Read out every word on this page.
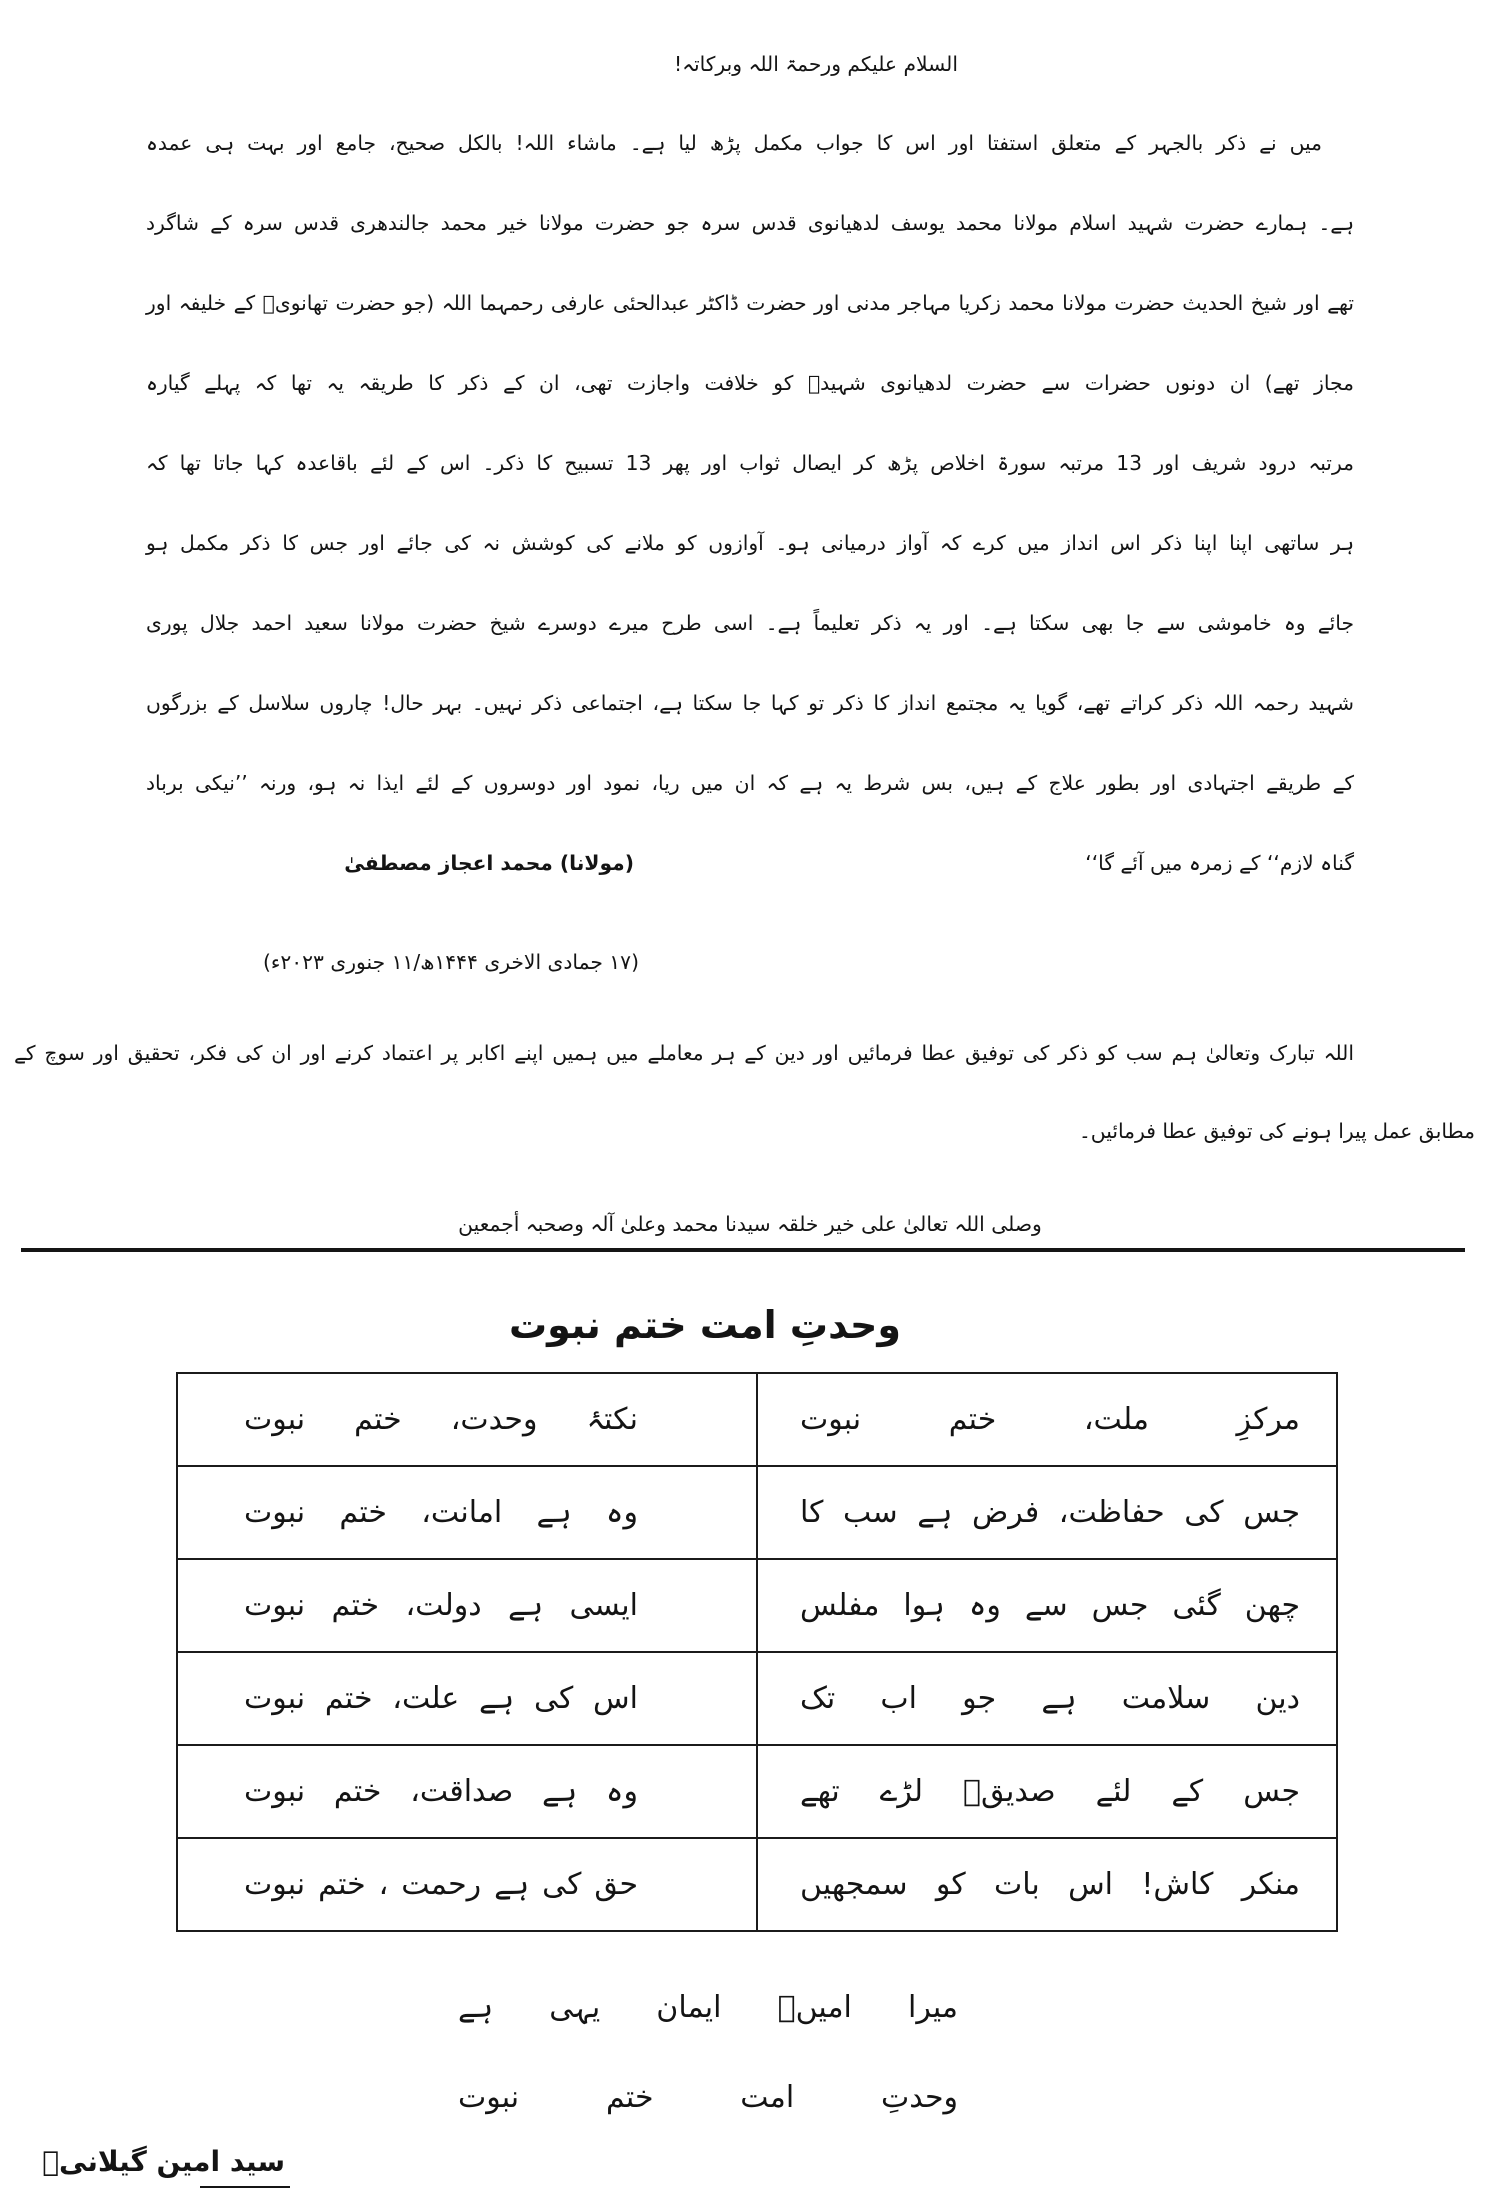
السلام علیکم ورحمۃ اللہ وبرکاتہ!
میں نے ذکر بالجہر کے متعلق استفتا اور اس کا جواب مکمل پڑھ لیا ہے۔ ماشاء اللہ! بالکل صحیح، جامع اور بہت ہی عمدہ
ہے۔ ہمارے حضرت شہید اسلام مولانا محمد یوسف لدھیانوی قدس سرہ جو حضرت مولانا خیر محمد جالندھری قدس سرہ کے شاگرد
تھے اور شیخ الحدیث حضرت مولانا محمد زکریا مہاجر مدنی اور حضرت ڈاکٹر عبدالحئی عارفی رحمہما اللہ (جو حضرت تھانویؒ کے خلیفہ اور
مجاز تھے) ان دونوں حضرات سے حضرت لدھیانوی شہیدؒ کو خلافت واجازت تھی، ان کے ذکر کا طریقہ یہ تھا کہ پہلے گیارہ
مرتبہ درود شریف اور 13 مرتبہ سورۃ اخلاص پڑھ کر ایصال ثواب اور پھر 13 تسبیح کا ذکر۔ اس کے لئے باقاعدہ کہا جاتا تھا کہ
ہر ساتھی اپنا اپنا ذکر اس انداز میں کرے کہ آواز درمیانی ہو۔ آوازوں کو ملانے کی کوشش نہ کی جائے اور جس کا ذکر مکمل ہو
جائے وہ خاموشی سے جا بھی سکتا ہے۔ اور یہ ذکر تعلیماً ہے۔ اسی طرح میرے دوسرے شیخ حضرت مولانا سعید احمد جلال پوری
شہید رحمہ اللہ ذکر کراتے تھے، گویا یہ مجتمع انداز کا ذکر تو کہا جا سکتا ہے، اجتماعی ذکر نہیں۔ بہر حال! چاروں سلاسل کے بزرگوں
کے طریقے اجتہادی اور بطور علاج کے ہیں، بس شرط یہ ہے کہ ان میں ریا، نمود اور دوسروں کے لئے ایذا نہ ہو، ورنہ ’’نیکی برباد
گناہ لازم‘‘ کے زمرہ میں آئے گا‘‘
(مولانا) محمد اعجاز مصطفیٰ
(۱۷ جمادی الاخری ۱۴۴۴ھ/۱۱ جنوری ۲۰۲۳ء)
اللہ تبارک وتعالیٰ ہم سب کو ذکر کی توفیق عطا فرمائیں اور دین کے ہر معاملے میں ہمیں اپنے اکابر پر اعتماد کرنے اور ان کی فکر، تحقیق اور سوچ کے
مطابق عمل پیرا ہونے کی توفیق عطا فرمائیں۔
وصلی اللہ تعالیٰ علی خیر خلقہ سیدنا محمد وعلیٰ آلہ وصحبہ أجمعین
وحدتِ امت ختم نبوت
مرکزِ ملت، ختم نبوت	نکتۂ وحدت، ختم نبوت

جس کی حفاظت، فرض ہے سب کا	وہ ہے امانت، ختم نبوت

چھن گئی جس سے وہ ہوا مفلس	ایسی ہے دولت، ختم نبوت

دین سلامت ہے جو اب تک	اس کی ہے علت، ختم نبوت

جس کے لئے صدیقؓ لڑے تھے	وہ ہے صداقت، ختم نبوت

منکر کاش! اس بات کو سمجھیں	حق کی ہے رحمت ، ختم نبوت
میرا امیںؔ ایمان یہی ہے
وحدتِ امت ختم نبوت
سید امین گیلانیؒ
